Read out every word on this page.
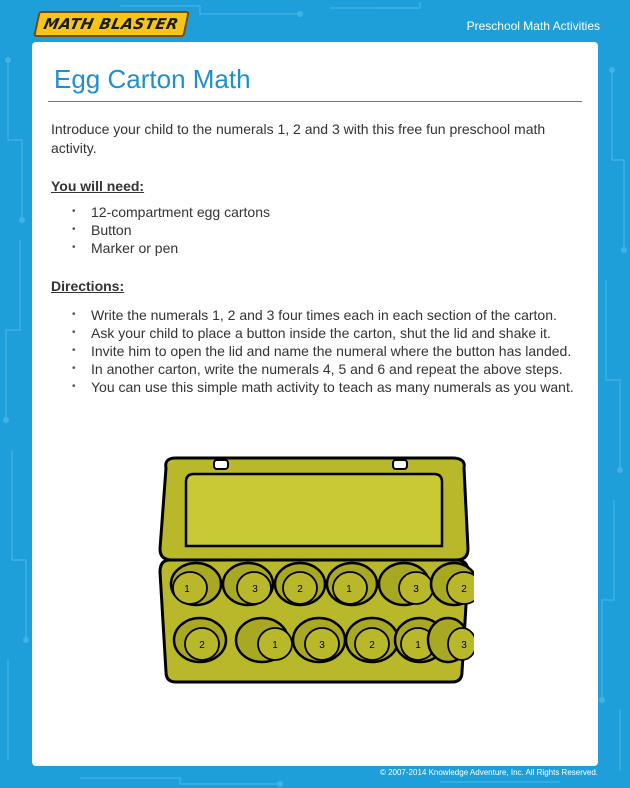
MATH BLASTER	Preschool Math Activities
Egg Carton Math

Introduce your child to the numerals 1, 2 and 3 with this free fun preschool math activity.

You will need:
• 12-compartment egg cartons
• Button
• Marker or pen
Directions:
• Write the numerals 1, 2 and 3 four times each in each section of the carton.
• Ask your child to place a button inside the carton, shut the lid and shake it.
• Invite him to open the lid and name the numeral where the button has landed.
• In another carton, write the numerals 4, 5 and 6 and repeat the above steps.
• You can use this simple math activity to teach as many numerals as you want.
1	3	2	1	3	2
2	1	3	2	1	3
© 2007-2014 Knowledge Adventure, Inc. All Rights Reserved.
